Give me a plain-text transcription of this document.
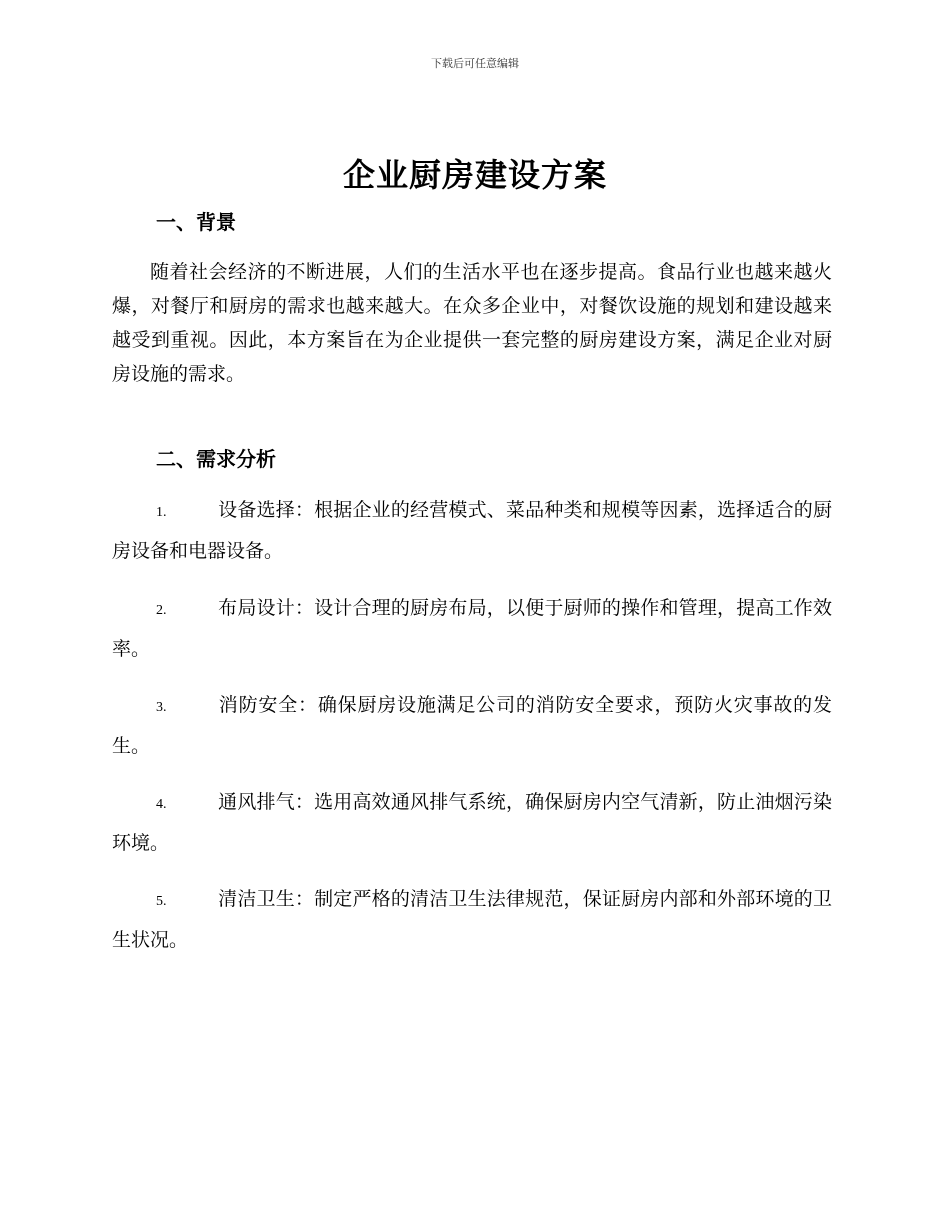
下载后可任意编辑
企业厨房建设方案
一、背景
随着社会经济的不断进展，人们的生活水平也在逐步提高。食品行业也越来越火爆，对餐厅和厨房的需求也越来越大。在众多企业中，对餐饮设施的规划和建设越来越受到重视。因此，本方案旨在为企业提供一套完整的厨房建设方案，满足企业对厨房设施的需求。
二、需求分析
1.	设备选择：根据企业的经营模式、菜品种类和规模等因素，选择适合的厨房设备和电器设备。
2.	布局设计：设计合理的厨房布局，以便于厨师的操作和管理，提高工作效率。
3.	消防安全：确保厨房设施满足公司的消防安全要求，预防火灾事故的发生。
4.	通风排气：选用高效通风排气系统，确保厨房内空气清新，防止油烟污染环境。
5.	清洁卫生：制定严格的清洁卫生法律规范，保证厨房内部和外部环境的卫生状况。
